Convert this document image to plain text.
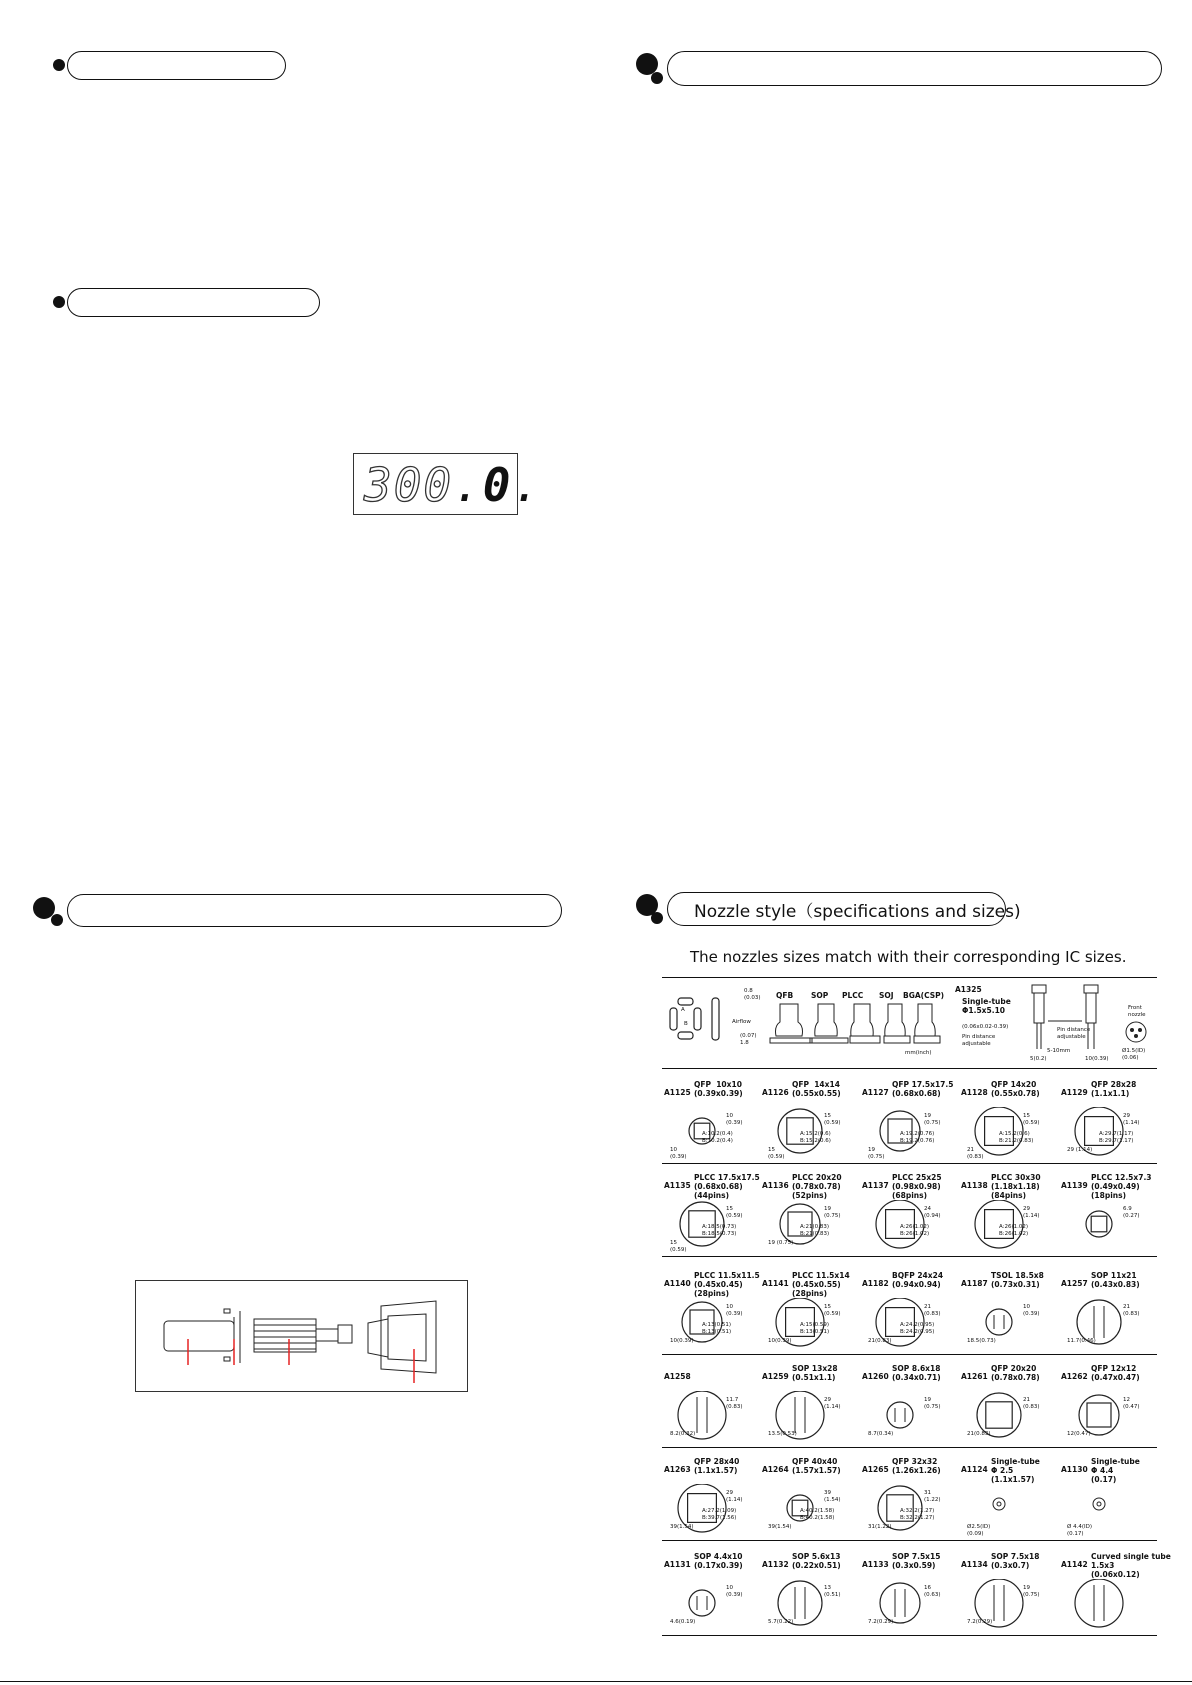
300.0.
Nozzle style（specifications and sizes)
The nozzles sizes match with their corresponding IC sizes.
A
B
0.8
(0.03)
Airflow
(0.07)
1.8
QFB SOP PLCC SOJ BGA(CSP)
mm(inch)
A1325
Single-tube
Φ1.5x5.10
(0.06x0.02-0.39)
Pin distance
adjustable
Pin distance
adjustable
5-10mm
5(0.2)	10(0.39)
Front
nozzle
Ø1.5(ID)
(0.06)
A1125
QFP  10x10
(0.39x0.39)
10
(0.39)
A:10.2(0.4)
B:10.2(0.4)
10
(0.39)
A1126
QFP  14x14
(0.55x0.55)
15
(0.59)
A:15.2(0.6)
B:15.2(0.6)
15
(0.59)
A1127
QFP 17.5x17.5
(0.68x0.68)
19
(0.75)
A:19.2(0.76)
B:19.2(0.76)
19
(0.75)
A1128
QFP 14x20
(0.55x0.78)
15
(0.59)
A:15.2(0.6)
B:21.2(0.83)
21
(0.83)
A1129
QFP 28x28
(1.1x1.1)
29
(1.14)
A:29.7(1.17)
B:29.7(1.17)
29 (1.14)
A1135
PLCC 17.5x17.5
(0.68x0.68)
(44pins)
15
(0.59)
A:18.5(0.73)
B:18.5(0.73)
15
(0.59)
A1136
PLCC 20x20
(0.78x0.78)
(52pins)
19
(0.75)
A:21(0.83)
B:21(0.83)
19 (0.75)
A1137
PLCC 25x25
(0.98x0.98)
(68pins)
24
(0.94)
A:26(1.02)
B:26(1.02)
A1138
PLCC 30x30
(1.18x1.18)
(84pins)
29
(1.14)
A:26(1.02)
B:26(1.02)
A1139
PLCC 12.5x7.3
(0.49x0.49)
(18pins)
6.9
(0.27)
A1140
PLCC 11.5x11.5
(0.45x0.45)
(28pins)
10
(0.39)
A:13(0.51)
B:13(0.51)
10(0.39)
A1141
PLCC 11.5x14
(0.45x0.55)
(28pins)
15
(0.59)
A:15(0.59)
B:13(0.51)
10(0.39)
A1182
BQFP 24x24
(0.94x0.94)
21
(0.83)
A:24.2(0.95)
B:24.2(0.95)
21(0.83)
A1187
TSOL 18.5x8
(0.73x0.31)
10
(0.39)
18.5(0.73)
A1257
SOP 11x21
(0.43x0.83)
21
(0.83)
11.7(0.46)
A1258
11.7
(0.83)
8.2(0.32)
A1259
SOP 13x28
(0.51x1.1)
29
(1.14)
13.5(0.53)
A1260
SOP 8.6x18
(0.34x0.71)
19
(0.75)
8.7(0.34)
A1261
QFP 20x20
(0.78x0.78)
21
(0.83)
21(0.83)
A1262
QFP 12x12
(0.47x0.47)
12
(0.47)
12(0.47)
A1263
QFP 28x40
(1.1x1.57)
29
(1.14)
A:27.2(1.09)
B:39.7(1.56)
39(1.54)
A1264
QFP 40x40
(1.57x1.57)
39
(1.54)
A:40.2(1.58)
B:40.2(1.58)
39(1.54)
A1265
QFP 32x32
(1.26x1.26)
31
(1.22)
A:32.2(1.27)
B:32.2(1.27)
31(1.22)
A1124
Single-tube
Φ 2.5
(1.1x1.57)
Ø2.5(ID)
(0.09)
A1130
Single-tube
Φ 4.4
(0.17)
Ø 4.4(ID)
(0.17)
A1131
SOP 4.4x10
(0.17x0.39)
10
(0.39)
4.6(0.19)
A1132
SOP 5.6x13
(0.22x0.51)
13
(0.51)
5.7(0.22)
A1133
SOP 7.5x15
(0.3x0.59)
16
(0.63)
7.2(0.29)
A1134
SOP 7.5x18
(0.3x0.7)
19
(0.75)
7.2(0.29)
A1142
Curved single tube
1.5x3
(0.06x0.12)
